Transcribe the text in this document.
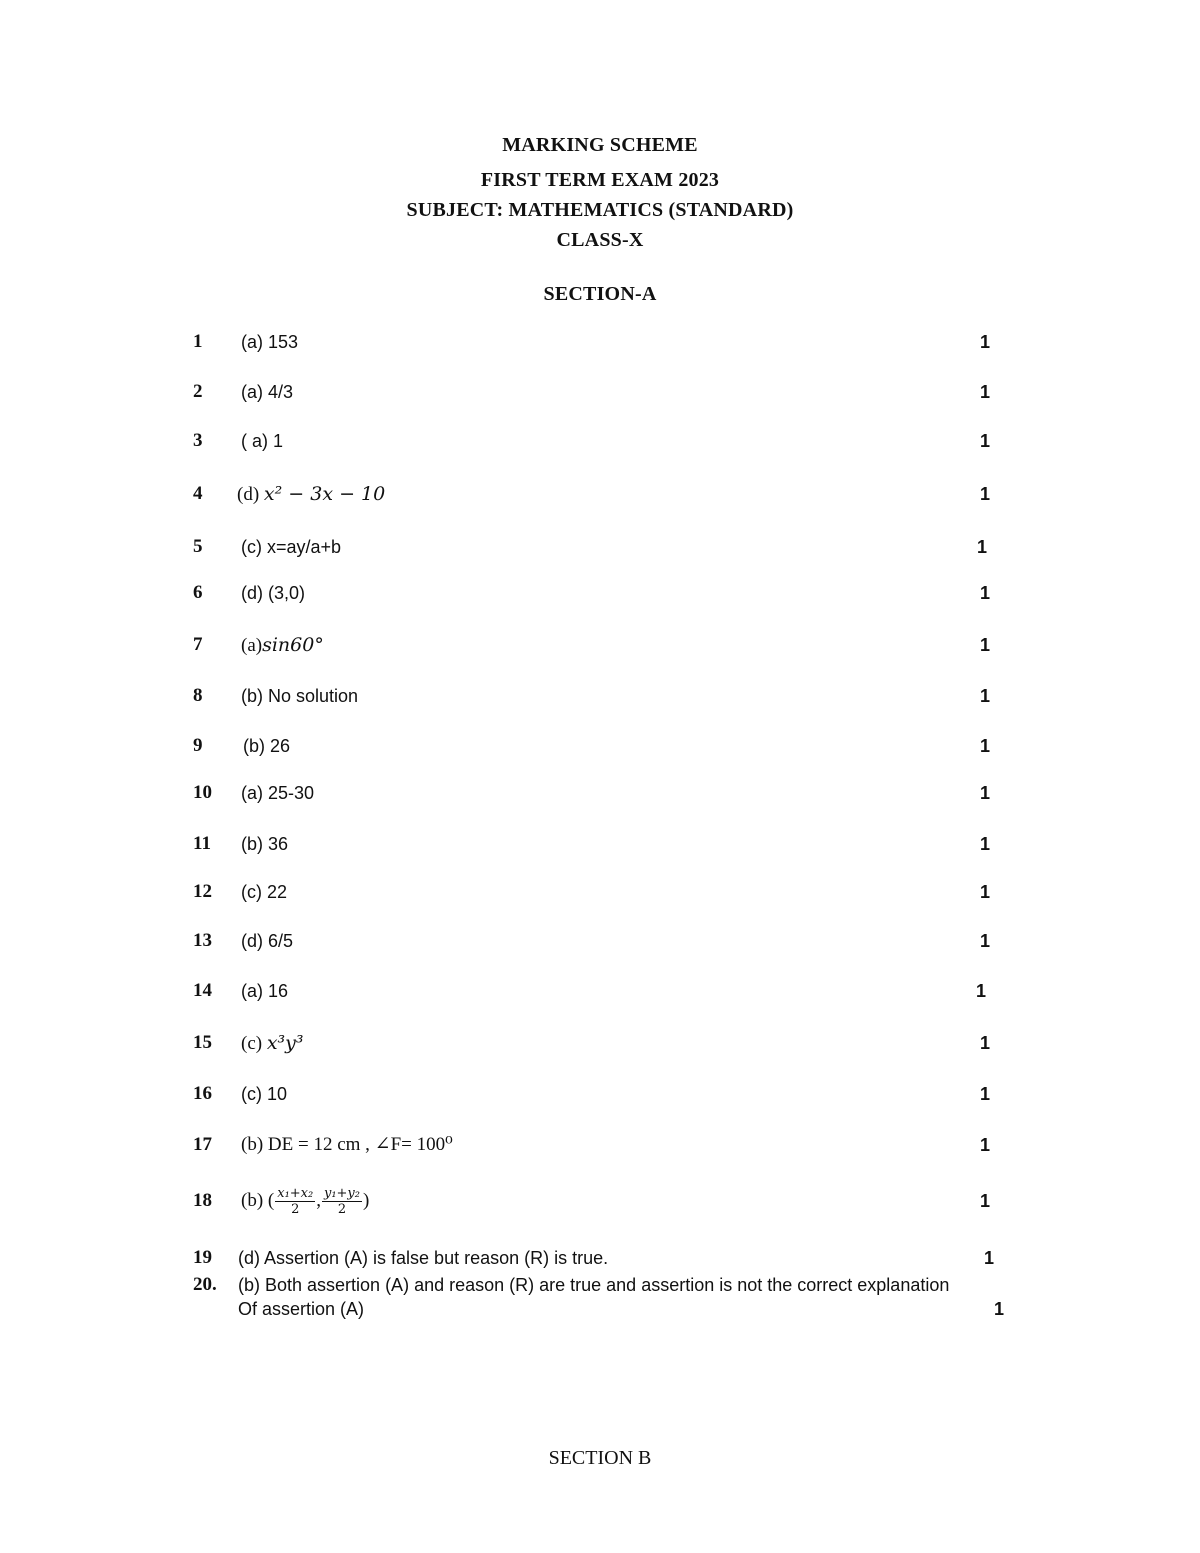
MARKING SCHEME
FIRST TERM EXAM 2023
SUBJECT: MATHEMATICS (STANDARD)
CLASS-X
SECTION-A
1 (a) 153	1
2 (a) 4/3	1
3 ( a) 1	1
4 (d) x² − 3x − 10	1
5 (c) x=ay/a+b	1
6 (d) (3,0)	1
7 (a)sin60°	1
8 (b) No solution	1
9 (b) 26	1
10 (a) 25-30	1
11 (b) 36	1
12 (c) 22	1
13 (d) 6/5	1
14 (a) 16	1
15 (c) x³y³	1
16 (c) 10	1
17 (b) DE = 12 cm , ∠F= 100⁰	1
18 (b) ( $\frac{\text{x₁+x₂}}{2}$ , $\frac{\text{y₁+y₂}}{2}$ )	1
19 (d) Assertion (A) is false but reason (R) is true.	1
20. (b) Both assertion (A) and reason (R) are true and assertion is not the correct explanation
Of assertion (A)	1
SECTION B
